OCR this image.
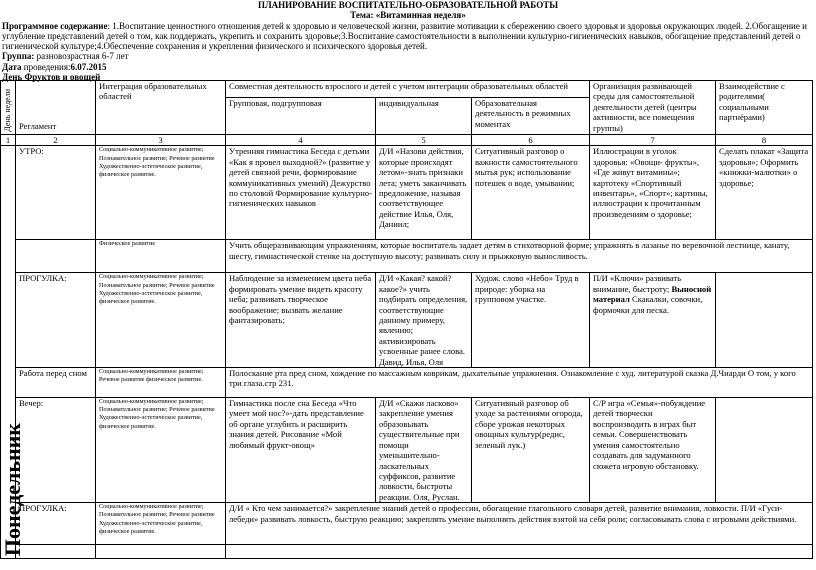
ПЛАНИРОВАНИЕ ВОСПИТАТЕЛЬНО-ОБРАЗОВАТЕЛЬНОЙ РАБОТЫ

Тема: «Витаминная неделя»

Программное содержание: 1.Воспитание ценностного отношения детей к здоровью и человеческой жизни, развитие мотивации к сбережению своего здоровья и здоровья окружающих людей. 2.Обогащение и углубление представлений детей о том, как поддержать, укрепить и сохранить здоровье;3.Воспитание самостоятельности в выполнении культурно-гигиенических навыков, обогащение представлений детей о гигиенической культуре;4.Обеспечение сохранения и укрепления физического и психического здоровья детей.

Группа: разновозрастная 6-7 лет

Дата проведения:6.07.2015

День Фруктов и овощей

День недели	Регламент	Интеграция образовательных областей	Совместная деятельность взрослого и детей с учетом интеграции образовательных областей			Организация развивающей среды для самостоятельной деятельности детей (центры активности, все помещения группы)	Взаимодействие с родителями( социальными партнёрами)
			Групповая, подгрупповая	индивидуальная	Образовательная деятельность в режимных моментах		
1	2	3	4	5	6	7	8
Понедельник	УТРО:	Социально-коммуникативное развитие; Познавательное развитие; Речевое развитие Художественно-эстетическое развитие, физическое развитие.	Утренняя гимнастика Беседа с детьми «Как я провел выходной?» (развитие у детей связной речи, формирование коммуникативных умений) Дежурство по столовой Формирование культурно-гигиенических навыков	Д/И «Назови действия, которые происходят летом»-знать признаки лета; уметь заканчивать предложение, называя соответствующее действие Илья, Оля, Даниил;	Ситуативный разговор о важности самостоятельного мытья рук; использование потешек о воде, умывании;	Иллюстрации в уголок здоровья: «Овощи- фрукты», «Где живут витамины»; картотеку «Спортивный инвентарь», «Спорт»; картины, иллюстрации к прочитанным произведениям о здоровье;	Сделать плакат «Защита здоровья»; Оформить «книжки-малютки» о здоровье;
		Физическое развитие	Учить общеразвивающим упражнениям, которые воспитатель задает детям в стихотворной форме; упражнять в лазанье по веревочной лестнице, канату, шесту, гимнастической стенке на доступную высоту; развивать силу и прыжковую выносливость.				
	ПРОГУЛКА:	Социально-коммуникативное развитие; Познавательное развитие; Речевое развитие Художественно-эстетическое развитие, физическое развитие.	Наблюдение за изменением цвета неба формировать умение видеть красоту неба; развивать творческое воображение; вызвать желание фантазировать;	Д/И «Какая? какой? какое?» учить подбирать определения, соответствующие данному примеру, явлению; активизировать усвоенные ранее слова. Давид, Илья, Оля	Худож. слово «Небо» Труд в природе: уборка на групповом участке.	П/И «Ключи» развивать внимание, быстроту; Выносной материал Скакалки, совочки, формочки для песка.	
	Работа перед сном	Социально-коммуникативное развитие; Речевое развитие физическое развитие.	Полоскание рта пред сном, хождение по массажным коврикам, дыхательные упражнения. Ознакомление с худ. литературой сказка Д.Чиарди О том, у кого три глаза.стр 231.				
	Вечер:	Социально-коммуникативное развитие; Познавательное развитие; Речевое развитие Художественно-эстетическое развитие, физическое развитие.	Гимнастика после сна Беседа «Что умеет мой нос?»-дать представление об органе углубить и расширить знания детей. Рисование «Мой любимый фрукт-овощ»	Д/И «Скажи ласково» закрепление умения образовывать существительные при помощи уменьшительно-ласкательных суффиксов, развитие ловкости, быстроты реакции. Оля, Руслан.	Ситуативный разговор об уходе за растениями огорода, сборе урожая некоторых овощных культур(редис, зеленый лук.)	С/Р игра «Семья»-побуждение детей творчески воспроизводить в играх быт семьи. Совершенствовать умения самостоятельно создавать для задуманного сюжета игровую обстановку.	
	ПРОГУЛКА:	Социально-коммуникативное развитие; Познавательное развитие; Речевое развитие Художественно-эстетическое развитие, физическое развитие.	Д/И « Кто чем занимается?» закрепление знаний детей о профессии, обогащение глагольного словаря детей, развитие внимания, ловкости. П/И «Гуси- лебеди» развивать ловкость, быструю реакцию; закреплять умение выполнять действия взятой на себя роли; согласовывать слова с игровыми действиями.				
